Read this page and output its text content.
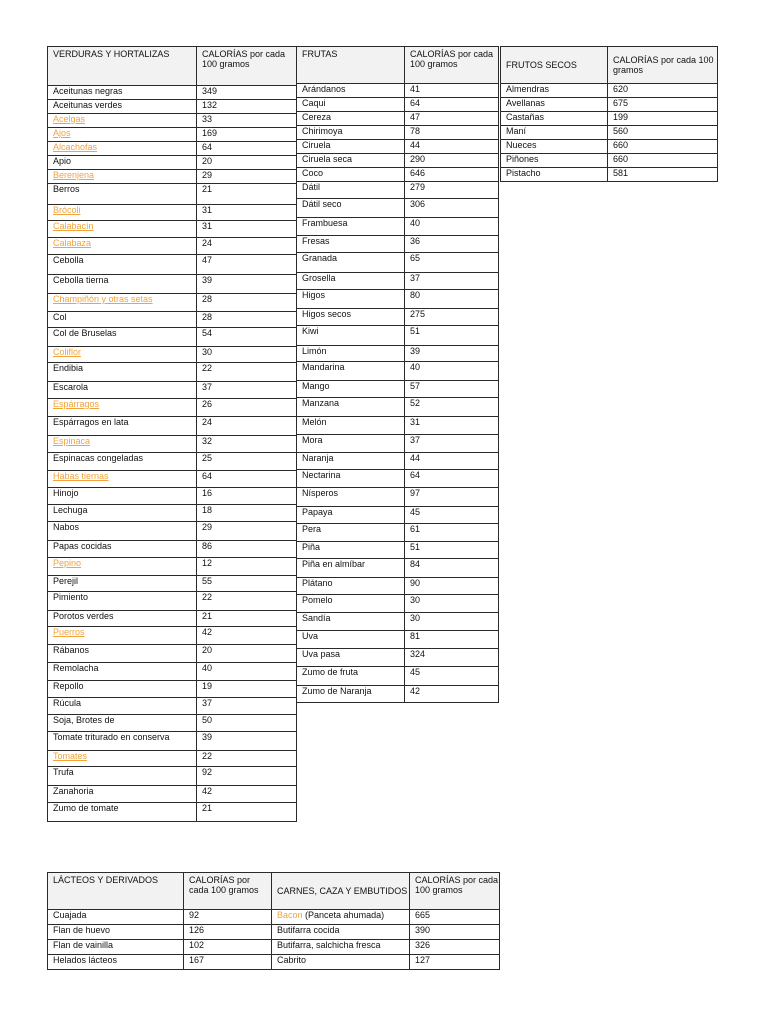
VERDURAS Y HORTALIZAS	CALORÍAS por cada 100 gramos
Aceitunas negras	349
Aceitunas verdes	132
Acelgas	33
Ajos	169
Alcachofas	64
Apio	20
Berenjena	29
Berros	21
Brócoli	31
Calabacín	31
Calabaza	24
Cebolla	47
Cebolla tierna	39
Champiñón y otras setas	28
Col	28
Col de Bruselas	54
Coliflor	30
Endibia	22
Escarola	37
Espárragos	26
Espárragos en lata	24
Espinaca	32
Espinacas congeladas	25
Habas tiernas	64
Hinojo	16
Lechuga	18
Nabos	29
Papas cocidas	86
Pepino	12
Perejil	55
Pimiento	22
Porotos verdes	21
Puerros	42
Rábanos	20
Remolacha	40
Repollo	19
Rúcula	37
Soja, Brotes de	50
Tomate triturado en conserva	39
Tomates	22
Trufa	92
Zanahoria	42
Zumo de tomate	21
FRUTAS	CALORÍAS por cada 100 gramos
Arándanos	41
Caqui	64
Cereza	47
Chirimoya	78
Ciruela	44
Ciruela seca	290
Coco	646
Dátil	279
Dátil seco	306
Frambuesa	40
Fresas	36
Granada	65
Grosella	37
Higos	80
Higos secos	275
Kiwi	51
Limón	39
Mandarina	40
Mango	57
Manzana	52
Melón	31
Mora	37
Naranja	44
Nectarina	64
Nísperos	97
Papaya	45
Pera	61
Piña	51
Piña en almíbar	84
Plátano	90
Pomelo	30
Sandía	30
Uva	81
Uva pasa	324
Zumo de fruta	45
Zumo de Naranja	42
FRUTOS SECOS	CALORÍAS por cada 100 gramos
Almendras	620
Avellanas	675
Castañas	199
Maní	560
Nueces	660
Piñones	660
Pistacho	581
LÁCTEOS Y DERIVADOS	CALORÍAS por cada 100 gramos
Cuajada	92
Flan de huevo	126
Flan de vainilla	102
Helados lácteos	167
CARNES, CAZA Y EMBUTIDOS	CALORÍAS por cada 100 gramos
Bacon (Panceta ahumada)	665
Butifarra cocida	390
Butifarra, salchicha fresca	326
Cabrito	127
